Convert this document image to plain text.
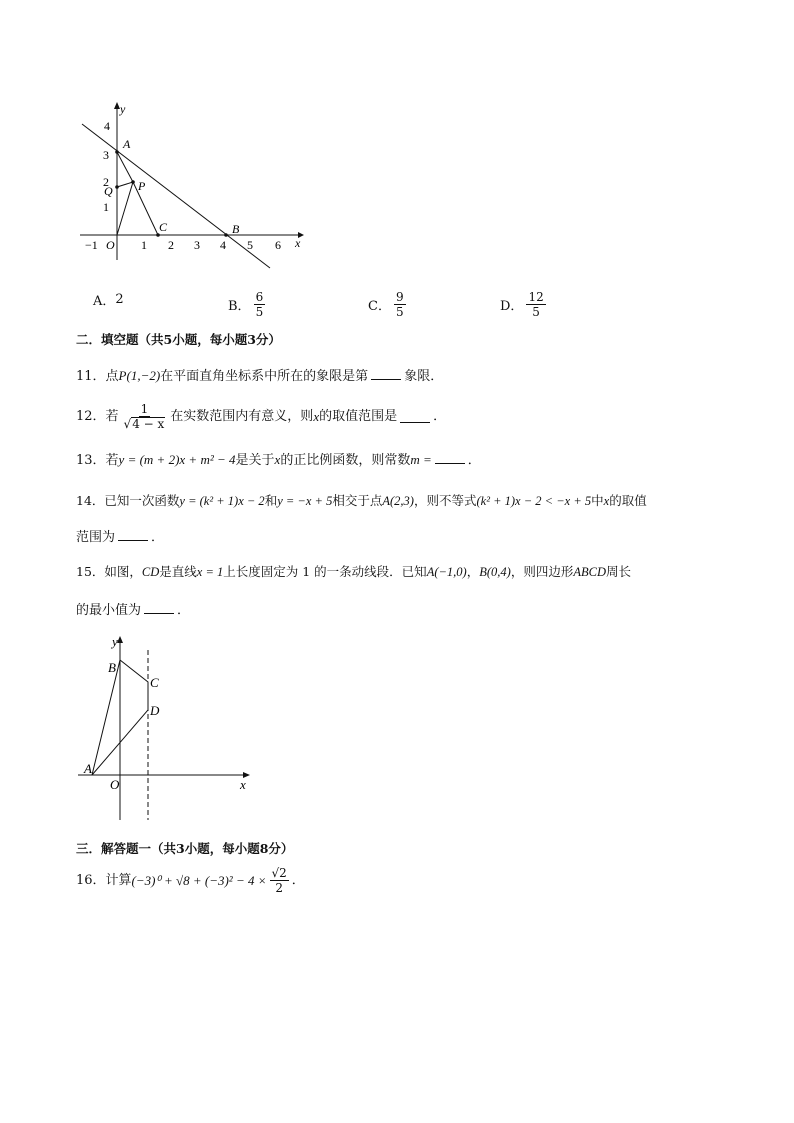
4
3
2
1
−1	1 2 3 4 5 6
O	x
y
A
B
C
P
Q
A． 2	B． $\frac{6}{5}$	C． $\frac{9}{5}$	D． $\frac{12}{5}$
二．填空题（共5小题，每小题3分）
11．点P(1,−2)在平面直角坐标系中所在的象限是第	象限．
12．若 $\frac{1}{√4 - x}$ 在实数范围内有意义，则 x 的取值范围是	．
13．若y = (m + 2)x + m² − 4是关于x的正比例函数，则常数m =	．
14．已知一次函数y = (k² + 1)x − 2和y = −x + 5相交于点A(2,3)，则不等式(k² + 1)x − 2 < −x + 5中x的取值
范围为	．
15．如图，CD是直线x = 1上长度固定为 1 的一条动线段．已知A(−1,0)，B(0,4)，则四边形ABCD周长
的最小值为	．
y
x
O
A
B
C
D
三．解答题一（共3小题，每小题8分）
16．计算 $(-3)^0 + √8 + (-3)^2 - 4 \times \frac{√2}{2}$ ．
